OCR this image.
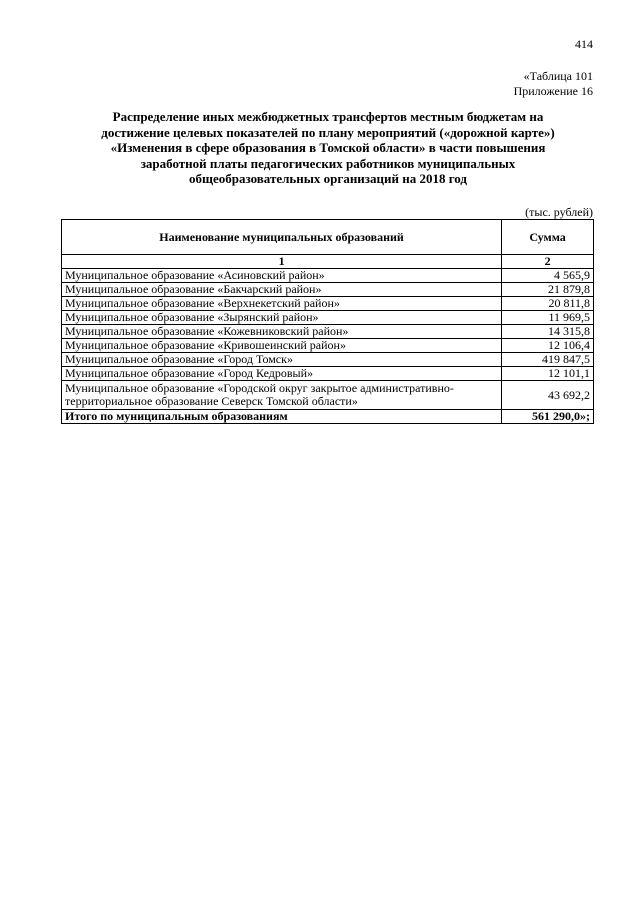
414
«Таблица 101
Приложение 16
Распределение иных межбюджетных трансфертов местным бюджетам на
достижение целевых показателей по плану мероприятий («дорожной карте»)
«Изменения в сфере образования в Томской области» в части повышения
заработной платы педагогических работников муниципальных
общеобразовательных организаций на 2018 год
(тыс. рублей)
Наименование муниципальных образований	Сумма
1	2

Муниципальное образование «Асиновский район»	4 565,9

Муниципальное образование «Бакчарский район»	21 879,8

Муниципальное образование «Верхнекетский район»	20 811,8

Муниципальное образование «Зырянский район»	11 969,5

Муниципальное образование «Кожевниковский район»	14 315,8

Муниципальное образование «Кривошеинский район»	12 106,4

Муниципальное образование «Город Томск»	419 847,5

Муниципальное образование «Город Кедровый»	12 101,1

Муниципальное образование «Городской округ закрытое административно-
территориальное образование Северск Томской области»	43 692,2
Итого по муниципальным образованиям	561 290,0»;
